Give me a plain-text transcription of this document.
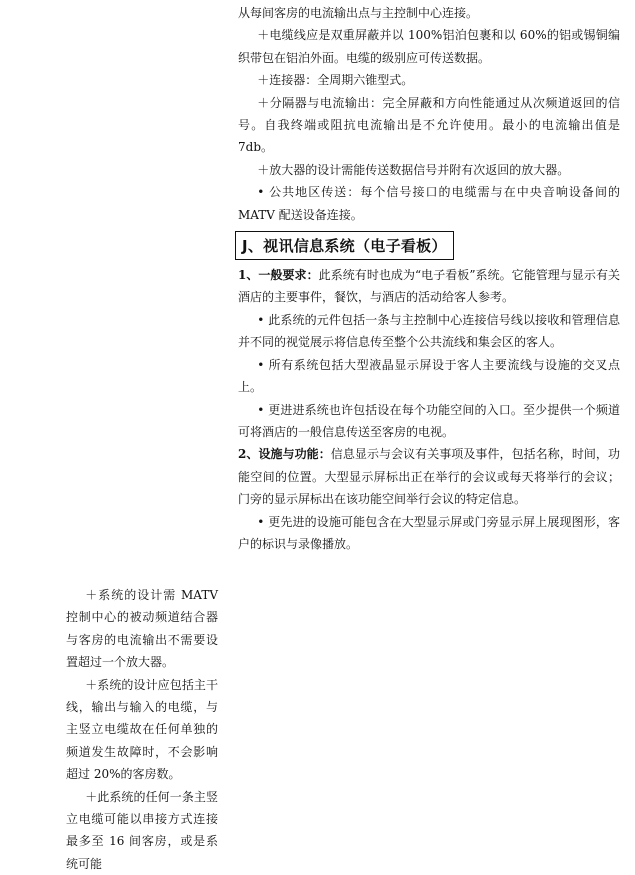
从每间客房的电流输出点与主控制中心连接。

＋电缆线应是双重屏蔽并以 100%铝泊包裹和以 60%的铝或锡铜编织带包在铝泊外面。电缆的级别应可传送数据。

＋连接器：全周期六锥型式。

＋分隔器与电流输出：完全屏蔽和方向性能通过从次频道返回的信号。自我终端或阻抗电流输出是不允许使用。最小的电流输出值是 7db。

＋放大器的设计需能传送数据信号并附有次返回的放大器。

• 公共地区传送：每个信号接口的电缆需与在中央音响设备间的 MATV 配送设备连接。

J、视讯信息系统（电子看板）

1、一般要求：此系统有时也成为“电子看板”系统。它能管理与显示有关酒店的主要事件，餐饮，与酒店的活动给客人参考。

• 此系统的元件包括一条与主控制中心连接信号线以接收和管理信息并不同的视觉展示将信息传至整个公共流线和集会区的客人。

• 所有系统包括大型液晶显示屏设于客人主要流线与设施的交叉点上。

• 更进进系统也许包括设在每个功能空间的入口。至少提供一个频道可将酒店的一般信息传送至客房的电视。

2、设施与功能：信息显示与会议有关事项及事件，包括名称，时间，功能空间的位置。大型显示屏标出正在举行的会议或每天将举行的会议；门旁的显示屏标出在该功能空间举行会议的特定信息。

• 更先进的设施可能包含在大型显示屏或门旁显示屏上展现图形，客户的标识与录像播放。

＋系统的设计需 MATV 控制中心的被动频道结合器与客房的电流输出不需要设置超过一个放大器。

＋系统的设计应包括主干线，输出与输入的电缆，与主竖立电缆故在任何单独的频道发生故障时，不会影响超过 20%的客房数。

＋此系统的任何一条主竖立电缆可能以串接方式连接最多至 16 间客房，或是系统可能
